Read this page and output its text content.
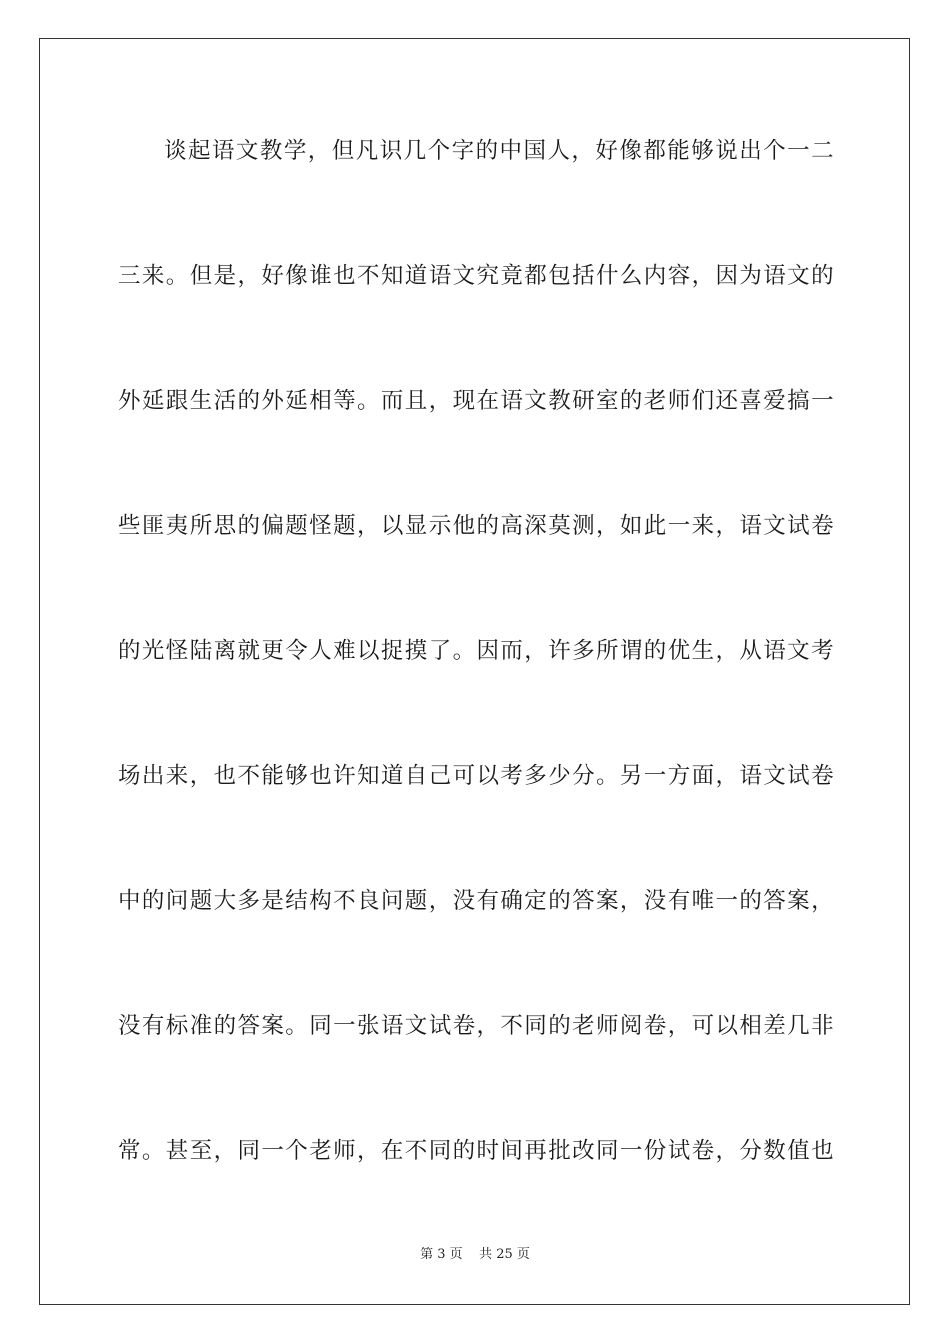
谈起语文教学，但凡识几个字的中国人，好像都能够说出个一二
三来。但是，好像谁也不知道语文究竟都包括什么内容，因为语文的
外延跟生活的外延相等。而且，现在语文教研室的老师们还喜爱搞一
些匪夷所思的偏题怪题，以显示他的高深莫测，如此一来，语文试卷
的光怪陆离就更令人难以捉摸了。因而，许多所谓的优生，从语文考
场出来，也不能够也许知道自己可以考多少分。另一方面，语文试卷
中的问题大多是结构不良问题，没有确定的答案，没有唯一的答案，
没有标准的答案。同一张语文试卷，不同的老师阅卷，可以相差几非
常。甚至，同一个老师，在不同的时间再批改同一份试卷，分数值也
第 3 页    共 25 页
